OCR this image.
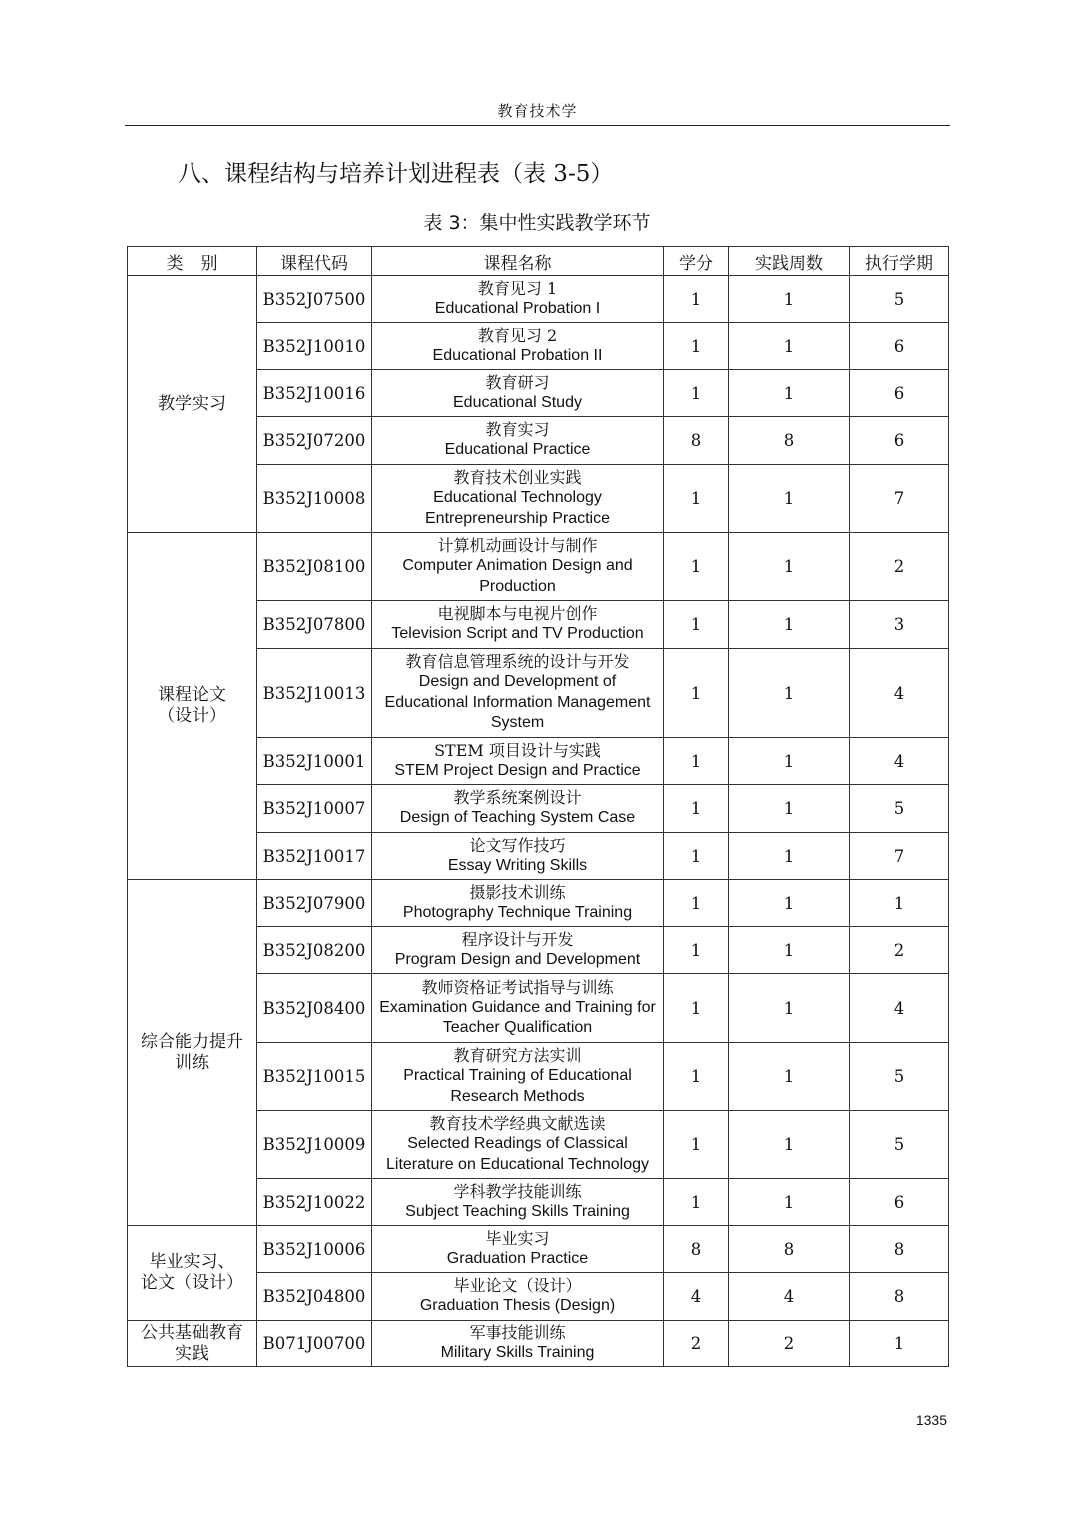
教育技术学
八、课程结构与培养计划进程表（表 3-5）
表 3：集中性实践教学环节
类　别	课程代码	课程名称	学分	实践周数	执行学期

教学实习	B352J07500	教育见习 1
Educational Probation I	1	1	5
	B352J10010	教育见习 2
Educational Probation II	1	1	6
	B352J10016	教育研习
Educational Study	1	1	6
	B352J07200	教育实习
Educational Practice	8	8	6
	B352J10008	教育技术创业实践
Educational Technology Entrepreneurship Practice	1	1	7

课程论文
（设计）	B352J08100	计算机动画设计与制作
Computer Animation Design and Production	1	1	2
	B352J07800	电视脚本与电视片创作
Television Script and TV Production	1	1	3
	B352J10013	教育信息管理系统的设计与开发
Design and Development of Educational Information Management System	1	1	4
	B352J10001	STEM 项目设计与实践
STEM Project Design and Practice	1	1	4
	B352J10007	教学系统案例设计
Design of Teaching System Case	1	1	5
	B352J10017	论文写作技巧
Essay Writing Skills	1	1	7

综合能力提升
训练	B352J07900	摄影技术训练
Photography Technique Training	1	1	1
	B352J08200	程序设计与开发
Program Design and Development	1	1	2
	B352J08400	教师资格证考试指导与训练
Examination Guidance and Training for Teacher Qualification	1	1	4
	B352J10015	教育研究方法实训
Practical Training of Educational Research Methods	1	1	5
	B352J10009	教育技术学经典文献选读
Selected Readings of Classical Literature on Educational Technology	1	1	5
	B352J10022	学科教学技能训练
Subject Teaching Skills Training	1	1	6

毕业实习、
论文（设计）	B352J10006	毕业实习
Graduation Practice	8	8	8
	B352J04800	毕业论文（设计）
Graduation Thesis (Design)	4	4	8

公共基础教育
实践	B071J00700	军事技能训练
Military Skills Training	2	2	1
1335
